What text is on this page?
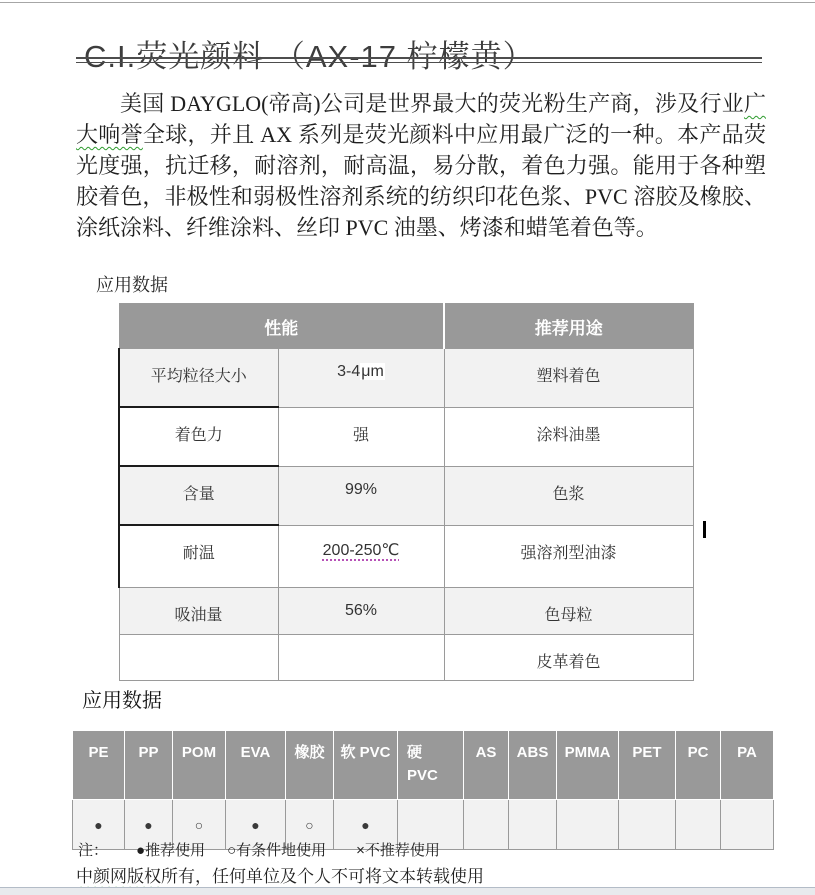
C.I.荧光颜料 （AX-17 柠檬黄）

美国 DAYGLO(帝高)公司是世界最大的荧光粉生产商，涉及行业广大响誉全球，并且 AX 系列是荧光颜料中应用最广泛的一种。本产品荧光度强，抗迁移，耐溶剂，耐高温，易分散，着色力强。能用于各种塑胶着色，非极性和弱极性溶剂系统的纺织印花色浆、PVC 溶胶及橡胶、涂纸涂料、纤维涂料、丝印 PVC 油墨、烤漆和蜡笔着色等。

应用数据
性能		推荐用途
平均粒径大小	3-4μm	塑料着色
着色力	强	涂料油墨
含量	99%	色浆
耐温	200-250℃	强溶剂型油漆
吸油量	56%	色母粒
		皮革着色
应用数据
PE	PP	POM	EVA	橡胶	软 PVC	硬 PVC	AS	ABS	PMMA	PET	PC	PA
●	●	○	●	○	●							
注： ●推荐使用 ○有条件地使用 ×不推荐使用
中颜网版权所有，任何单位及个人不可将文本转载使用
